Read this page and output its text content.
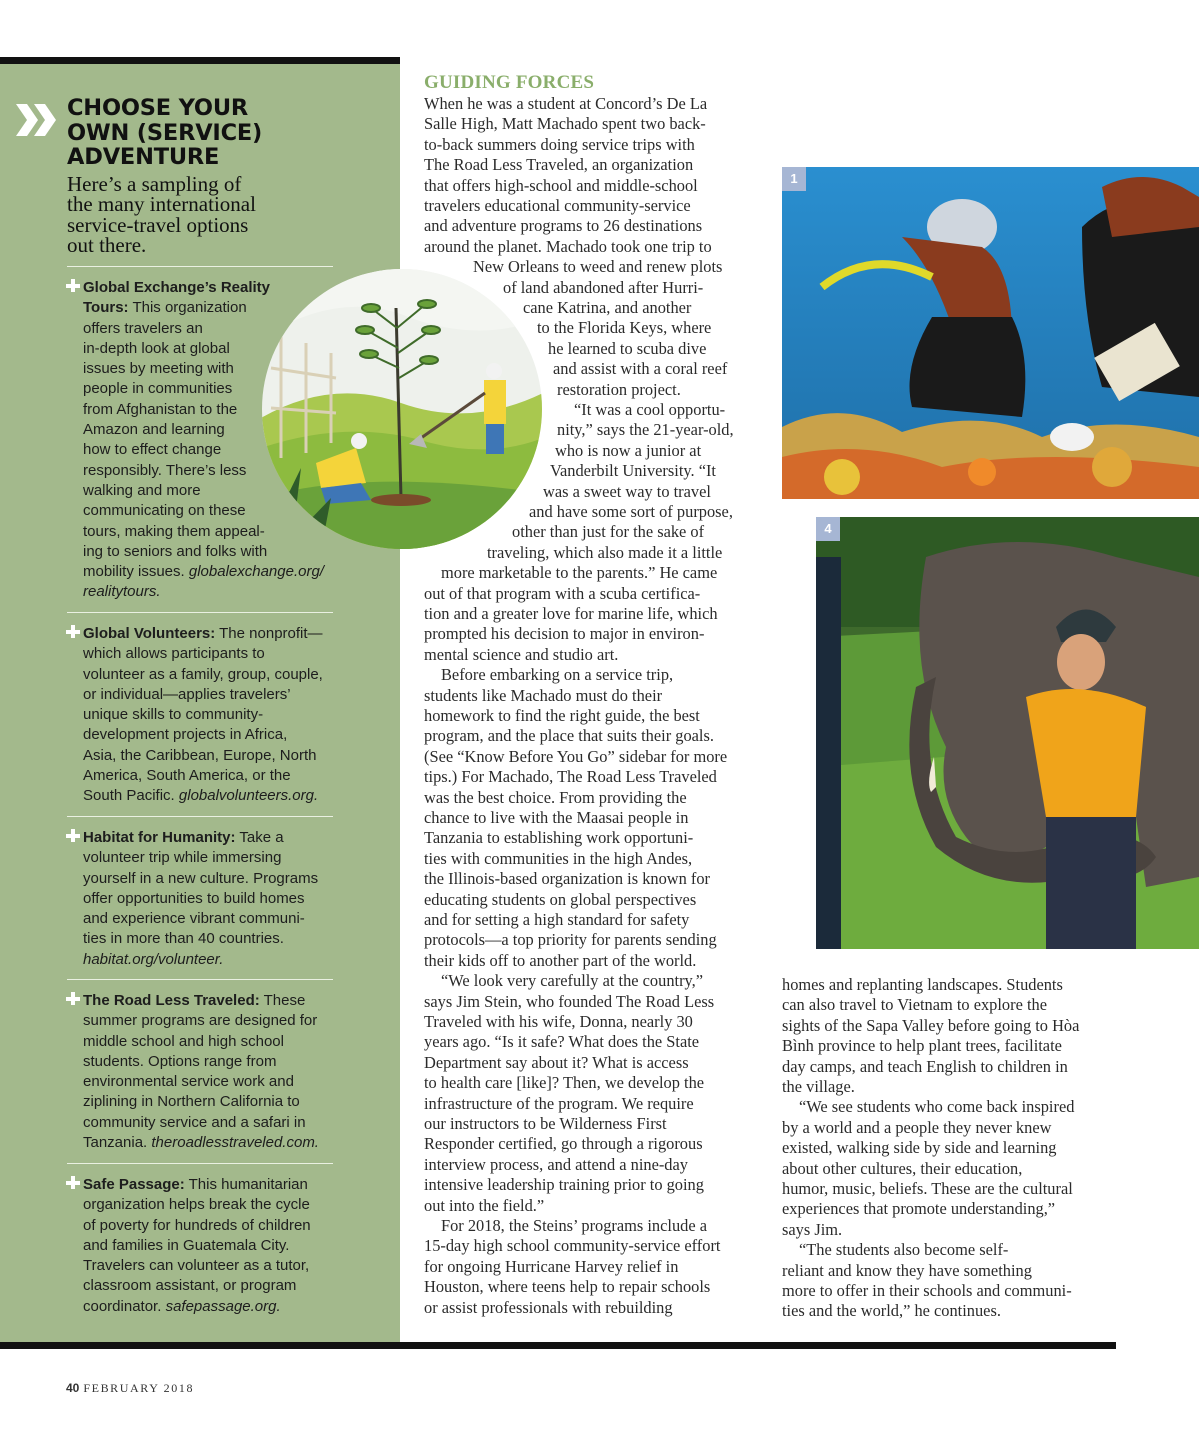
CHOOSE YOUR
OWN (SERVICE)
ADVENTURE

Here’s a sampling of
the many international
service-travel options
out there.

Global Exchange’s Reality
Tours: This organization
offers travelers an
in-depth look at global
issues by meeting with
people in communities
from Afghanistan to the
Amazon and learning
how to effect change
responsibly. There’s less
walking and more
communicating on these
tours, making them appeal-
ing to seniors and folks with
mobility issues. globalexchange.org/
realitytours.
Global Volunteers: The nonprofit—
which allows participants to
volunteer as a family, group, couple,
or individual—applies travelers’
unique skills to community-
development projects in Africa,
Asia, the Caribbean, Europe, North
America, South America, or the
South Pacific. globalvolunteers.org.
Habitat for Humanity: Take a
volunteer trip while immersing
yourself in a new culture. Programs
offer opportunities to build homes
and experience vibrant communi-
ties in more than 40 countries.
habitat.org/volunteer.
The Road Less Traveled: These
summer programs are designed for
middle school and high school
students. Options range from
environmental service work and
ziplining in Northern California to
community service and a safari in
Tanzania. theroadlesstraveled.com.
Safe Passage: This humanitarian
organization helps break the cycle
of poverty for hundreds of children
and families in Guatemala City.
Travelers can volunteer as a tutor,
classroom assistant, or program
coordinator. safepassage.org.
GUIDING FORCES
When he was a student at Concord’s De La
Salle High, Matt Machado spent two back-
to-back summers doing service trips with
The Road Less Traveled, an organization
that offers high-school and middle-school
travelers educational community-service
and adventure programs to 26 destinations
around the planet. Machado took one trip to
New Orleans to weed and renew plots
of land abandoned after Hurri-
cane Katrina, and another
to the Florida Keys, where
he learned to scuba dive
and assist with a coral reef
restoration project.
“It was a cool opportu-
nity,” says the 21-year-old,
who is now a junior at
Vanderbilt University. “It
was a sweet way to travel
and have some sort of purpose,
other than just for the sake of
traveling, which also made it a little
more marketable to the parents.” He came
out of that program with a scuba certifica-
tion and a greater love for marine life, which
prompted his decision to major in environ-
mental science and studio art.
Before embarking on a service trip,
students like Machado must do their
homework to find the right guide, the best
program, and the place that suits their goals.
(See “Know Before You Go” sidebar for more
tips.) For Machado, The Road Less Traveled
was the best choice. From providing the
chance to live with the Maasai people in
Tanzania to establishing work opportuni-
ties with communities in the high Andes,
the Illinois-based organization is known for
educating students on global perspectives
and for setting a high standard for safety
protocols—a top priority for parents sending
their kids off to another part of the world.
“We look very carefully at the country,”
says Jim Stein, who founded The Road Less
Traveled with his wife, Donna, nearly 30
years ago. “Is it safe? What does the State
Department say about it? What is access
to health care [like]? Then, we develop the
infrastructure of the program. We require
our instructors to be Wilderness First
Responder certified, go through a rigorous
interview process, and attend a nine-day
intensive leadership training prior to going
out into the field.”
For 2018, the Steins’ programs include a
15-day high school community-service effort
for ongoing Hurricane Harvey relief in
Houston, where teens help to repair schools
or assist professionals with rebuilding
homes and replanting landscapes. Students
can also travel to Vietnam to explore the
sights of the Sapa Valley before going to Hòa
Bình province to help plant trees, facilitate
day camps, and teach English to children in
the village.
“We see students who come back inspired
by a world and a people they never knew
existed, walking side by side and learning
about other cultures, their education,
humor, music, beliefs. These are the cultural
experiences that promote understanding,”
says Jim.
“The students also become self-
reliant and know they have something
more to offer in their schools and communi-
ties and the world,” he continues.
1
4
40 FEBRUARY 2018
